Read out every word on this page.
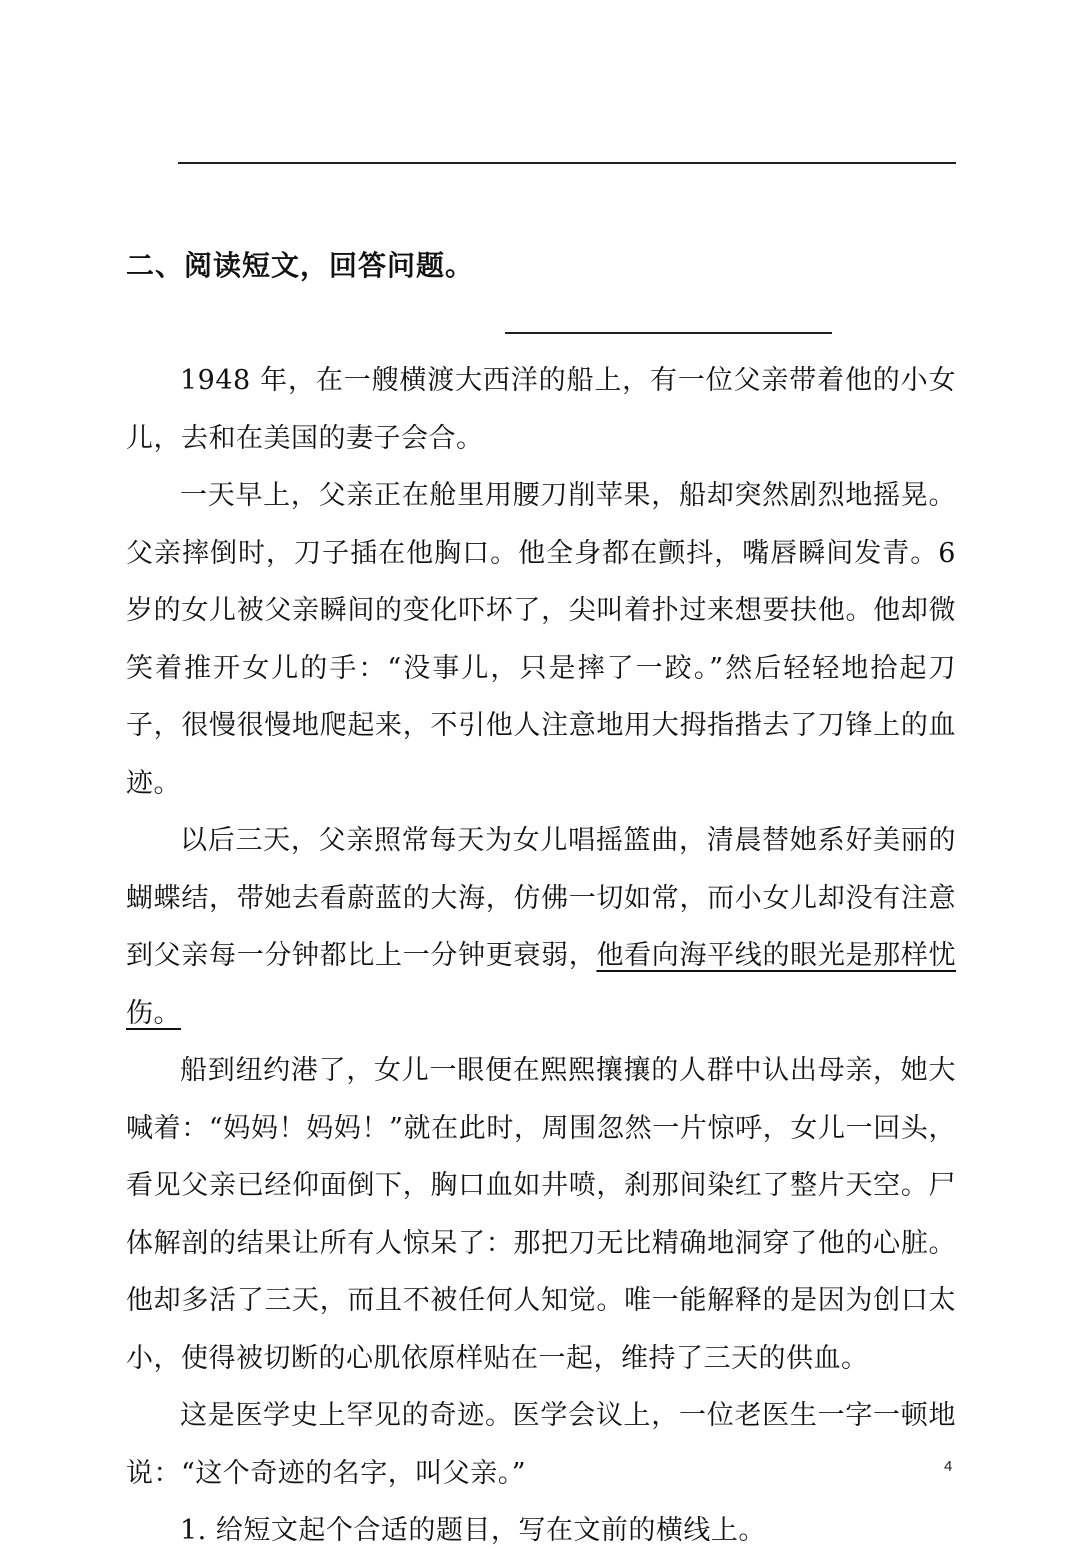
二、阅读短文，回答问题。

1948 年，在一艘横渡大西洋的船上，有一位父亲带着他的小女儿，去和在美国的妻子会合。

一天早上，父亲正在舱里用腰刀削苹果，船却突然剧烈地摇晃。父亲摔倒时，刀子插在他胸口。他全身都在颤抖，嘴唇瞬间发青。6 岁的女儿被父亲瞬间的变化吓坏了，尖叫着扑过来想要扶他。他却微笑着推开女儿的手：“没事儿，只是摔了一跤。”然后轻轻地拾起刀子，很慢很慢地爬起来，不引他人注意地用大拇指揩去了刀锋上的血迹。

以后三天，父亲照常每天为女儿唱摇篮曲，清晨替她系好美丽的蝴蝶结，带她去看蔚蓝的大海，仿佛一切如常，而小女儿却没有注意到父亲每一分钟都比上一分钟更衰弱，他看向海平线的眼光是那样忧伤。

船到纽约港了，女儿一眼便在熙熙攘攘的人群中认出母亲，她大喊着：“妈妈！妈妈！”就在此时，周围忽然一片惊呼，女儿一回头，看见父亲已经仰面倒下，胸口血如井喷，刹那间染红了整片天空。尸体解剖的结果让所有人惊呆了：那把刀无比精确地洞穿了他的心脏。他却多活了三天，而且不被任何人知觉。唯一能解释的是因为创口太小，使得被切断的心肌依原样贴在一起，维持了三天的供血。

这是医学史上罕见的奇迹。医学会议上，一位老医生一字一顿地说：“这个奇迹的名字，叫父亲。”

1. 给短文起个合适的题目，写在文前的横线上。

4
